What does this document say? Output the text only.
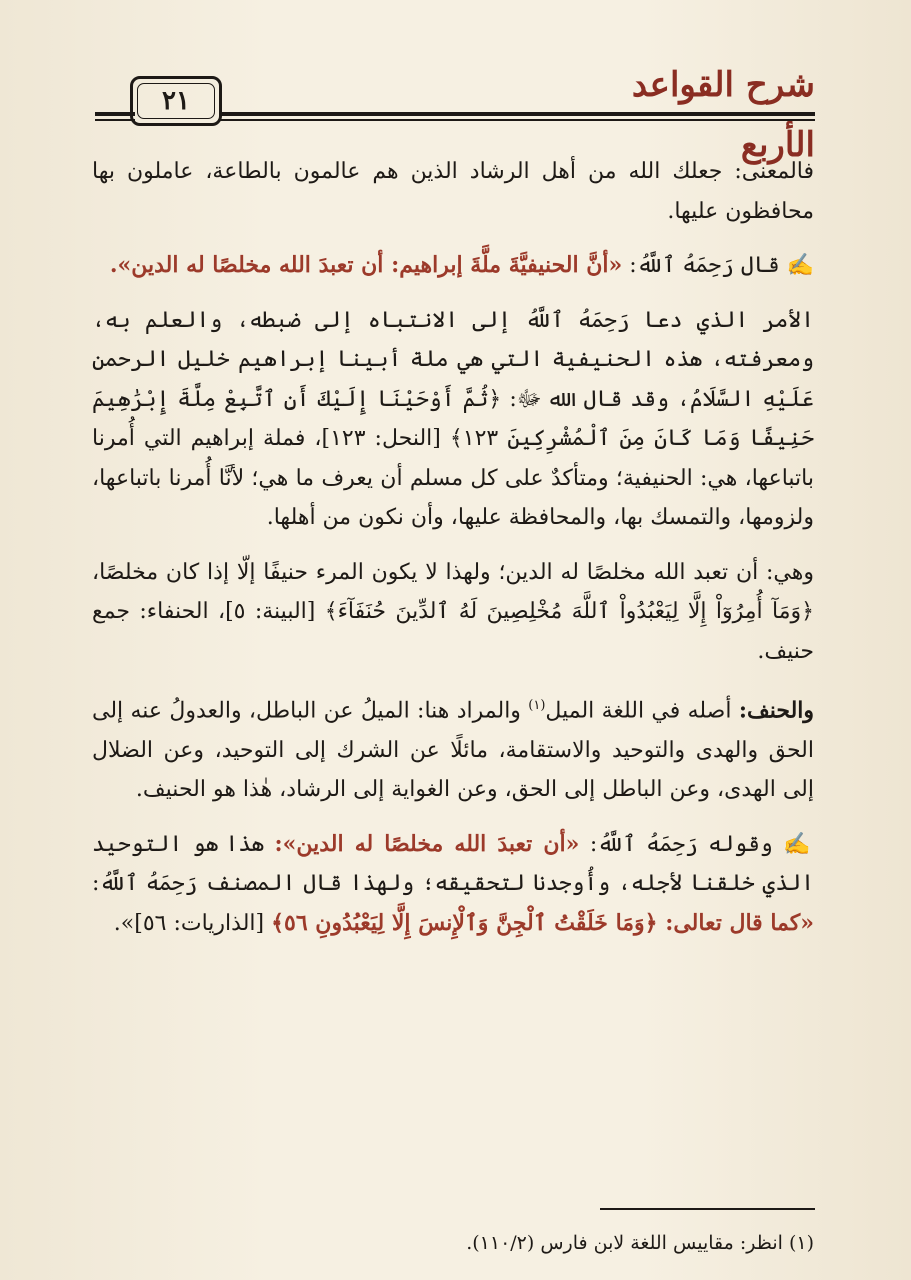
شرح القواعد الأربع
٢١

فالمعنى: جعلك الله من أهل الرشاد الذين هم عالمون بالطاعة، عاملون بها محافظون عليها.

✍ قال رَحِمَهُ ٱللَّهُ: «أنَّ الحنيفيَّةَ ملَّةَ إبراهيم: أن تعبدَ الله مخلصًا له الدين».

الأمر الذي دعا رَحِمَهُ ٱللَّهُ إلى الانتباه إلى ضبطه، والعلم به، ومعرفته، هذه الحنيفية التي هي ملة أبينا إبراهيم خليل الرحمن عَلَيْهِ السَّلَامُ، وقد قال الله ﷻ: ﴿ثُمَّ أَوْحَيْنَا إِلَيْكَ أَنِ ٱتَّبِعْ مِلَّةَ إِبْرَٰهِيمَ حَنِيفًا وَمَا كَانَ مِنَ ٱلْمُشْرِكِينَ ١٢٣﴾ [النحل: ١٢٣]، فملة إبراهيم التي أُمرنا باتباعها، هي: الحنيفية؛ ومتأكدٌ على كل مسلم أن يعرف ما هي؛ لأنَّا أُمرنا باتباعها، ولزومها، والتمسك بها، والمحافظة عليها، وأن نكون من أهلها.

وهي: أن تعبد الله مخلصًا له الدين؛ ولهذا لا يكون المرء حنيفًا إلّا إذا كان مخلصًا، ﴿وَمَآ أُمِرُوٓاْ إِلَّا لِيَعْبُدُواْ ٱللَّهَ مُخْلِصِينَ لَهُ ٱلدِّينَ حُنَفَآءَ﴾ [البينة: ٥]، الحنفاء: جمع حنيف.

والحنف: أصله في اللغة الميل$^{(١)}$ والمراد هنا: الميلُ عن الباطل، والعدولُ عنه إلى الحق والهدى والتوحيد والاستقامة، مائلًا عن الشرك إلى التوحيد، وعن الضلال إلى الهدى، وعن الباطل إلى الحق، وعن الغواية إلى الرشاد، هٰذا هو الحنيف.

✍ وقوله رَحِمَهُ ٱللَّهُ: «أن تعبدَ الله مخلصًا له الدين»: هذا هو التوحيد الذي خلقنا لأجله، وأُوجدنا لتحقيقه؛ ولهذا قال المصنف رَحِمَهُ ٱللَّهُ: «كما قال تعالى: ﴿وَمَا خَلَقْتُ ٱلْجِنَّ وَٱلْإِنسَ إِلَّا لِيَعْبُدُونِ ٥٦﴾ [الذاريات: ٥٦]».

(١) انظر: مقاييس اللغة لابن فارس (١١٠/٢).
